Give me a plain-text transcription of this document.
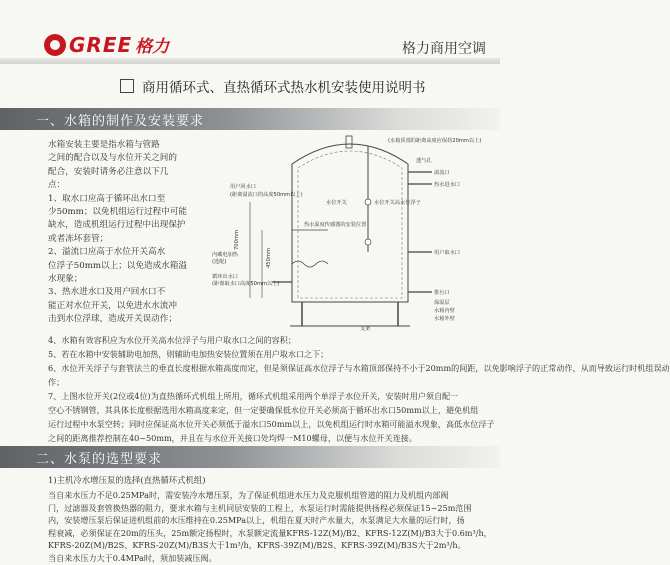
GREE 格力	格力商用空调
商用循环式、直热循环式热水机安装使用说明书
一、水箱的制作及安装要求
水箱安装主要是指水箱与管路
之间的配合以及与水位开关之间的
配合，安装时请务必注意以下几
点：
1、取水口应高于循环出水口至
少50mm；以免机组运行过程中可能
缺水，造成机组运行过程中出现保护
或者冻坏套管；
2、溢流口应高于水位开关高水
位浮子50mm以上；以免造成水箱溢
水现象；
3、热水进水口及用户回水口不
能正对水位开关，以免进水水流冲
击到水位浮球，造成开关误动作；
(水箱顶部的距离高度应保持20mm以上)
透气孔
溢流口
用户回水口
(距离溢流口的高度50mm以上)
热水进水口
水位开关	水位开关高水位浮子
热水温度传感器的安装位置
内藏电加热
(选配)
700mm
450mm	用户取水口
循环出水口
(距离取水口高度50mm以上)
排污口
保温层
水箱内壁
水箱外壁
支架
4、水箱有效容积应为水位开关高水位浮子与用户取水口之间的容积；
5、若在水箱中安装辅助电加热，则辅助电加热安装位置须在用户取水口之下；
6、水位开关浮子与套管法兰的垂直长度根据水箱高度而定，但是须保证高水位浮子与水箱顶部保持不小于20mm的间距，以免影响浮子的正常动作，从而导致运行时机组误动
作；
7、上图水位开关(2位或4位)为直热循环式机组上所用，循环式机组采用两个单浮子水位开关，安装时用户须自配一
空心不锈钢管，其具体长度根据选用水箱高度来定，但一定要确保低水位开关必须高于循环出水口50mm以上，避免机组
运行过程中水泵空转；同时应保证高水位开关必须低于溢水口50mm以上，以免机组运行时水箱可能溢水现象，高低水位浮子
之间的距离推荐控制在40~50mm，并且在与水位开关接口处均焊一M10螺母，以便与水位开关连接。
二、水泵的选型要求
1)主机冷水增压泵的选择(直热循环式机组)
当自来水压力不足0.25MPa时，需安装冷水增压泵，为了保证机组进水压力及克服机组管道的阻力及机组内部阀
门，过滤器及套管换热器的阻力，要求水箱与主机同层安装的工程上，水泵运行时需能提供扬程必须保证15~25m范围
内，安装增压泵后保证进机组前的水压维持在0.25MPa以上，机组在夏天时产水量大，水泵满足大水量的运行时，扬
程衰减，必须保证在20m的压头，25m额定扬程时，水泵额定流量KFRS-12Z(M)/B2、KFRS-12Z(M)/B3大于0.6m³/h，
KFRS-20Z(M)/B2S、KFRS-20Z(M)/B3S大于1m³/h，KFRS-39Z(M)/B2S、KFRS-39Z(M)/B3S大于2m³/h。
当自来水压力大于0.4MPa时，须加装减压阀。
